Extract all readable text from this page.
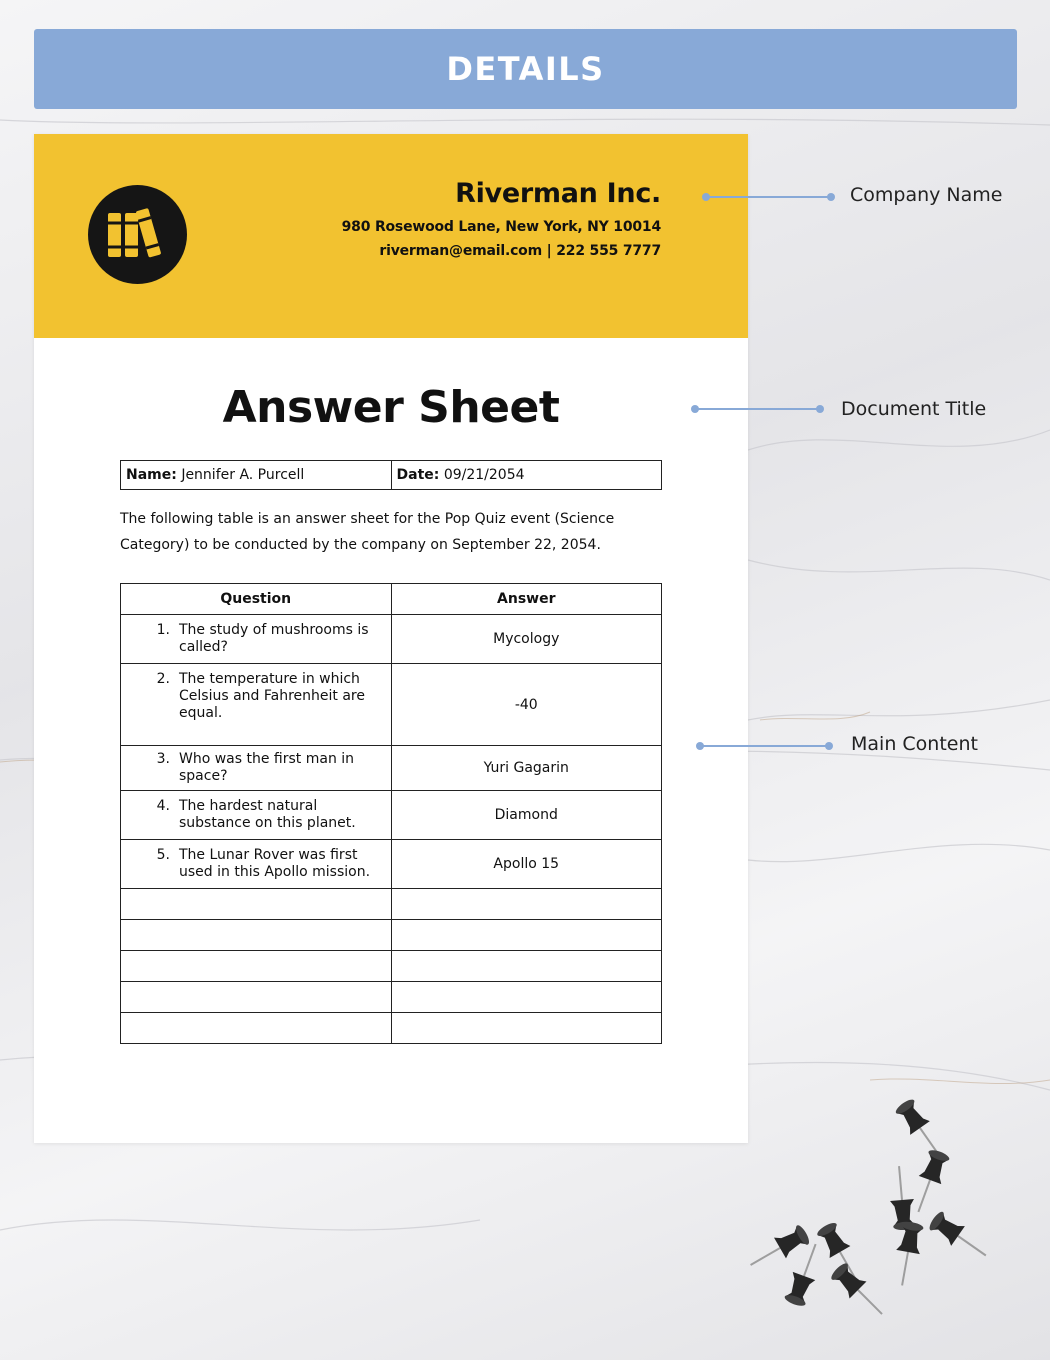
DETAILS
Riverman Inc.
980 Rosewood Lane, New York, NY 10014
riverman@email.com | 222 555 7777
Answer Sheet
Name: Jennifer A. Purcell	Date: 09/21/2054
The following table is an answer sheet for the Pop Quiz event (Science Category) to be conducted by the company on September 22, 2054.
Question	Answer

1. The study of mushrooms is called?	Mycology

2. The temperature in which Celsius and Fahrenheit are equal.	-40

3. Who was the first man in space?	Yuri Gagarin

4. The hardest natural substance on this planet.	Diamond

5. The Lunar Rover was first used in this Apollo mission.	Apollo 15

Company Name
Document Title
Main Content
